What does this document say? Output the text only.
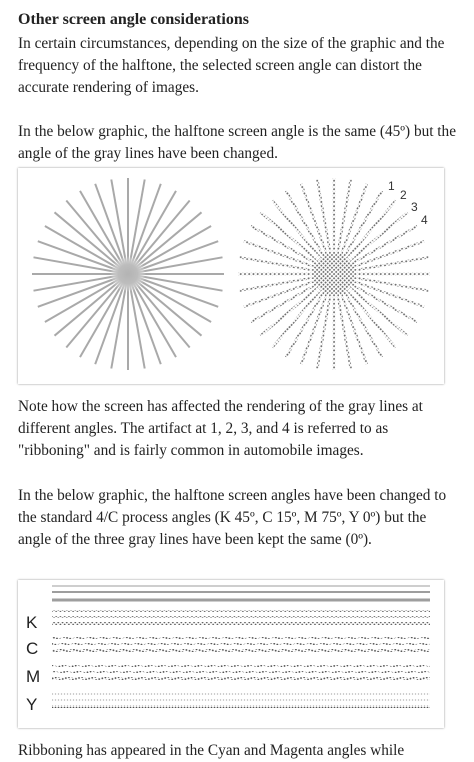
Other screen angle considerations
In certain circumstances, depending on the size of the graphic and the frequency of the halftone, the selected screen angle can distort the accurate rendering of images.
In the below graphic, the halftone screen angle is the same (45º) but the angle of the gray lines have been changed.
1
2
3
4
Note how the screen has affected the rendering of the gray lines at different angles. The artifact at 1, 2, 3, and 4 is referred to as "ribboning" and is fairly common in automobile images.
In the below graphic, the halftone screen angles have been changed to the standard 4/C process angles (K 45º, C 15º, M 75º, Y 0º) but the angle of the three gray lines have been kept the same (0º).
K
C
M
Y
Ribboning has appeared in the Cyan and Magenta angles while
